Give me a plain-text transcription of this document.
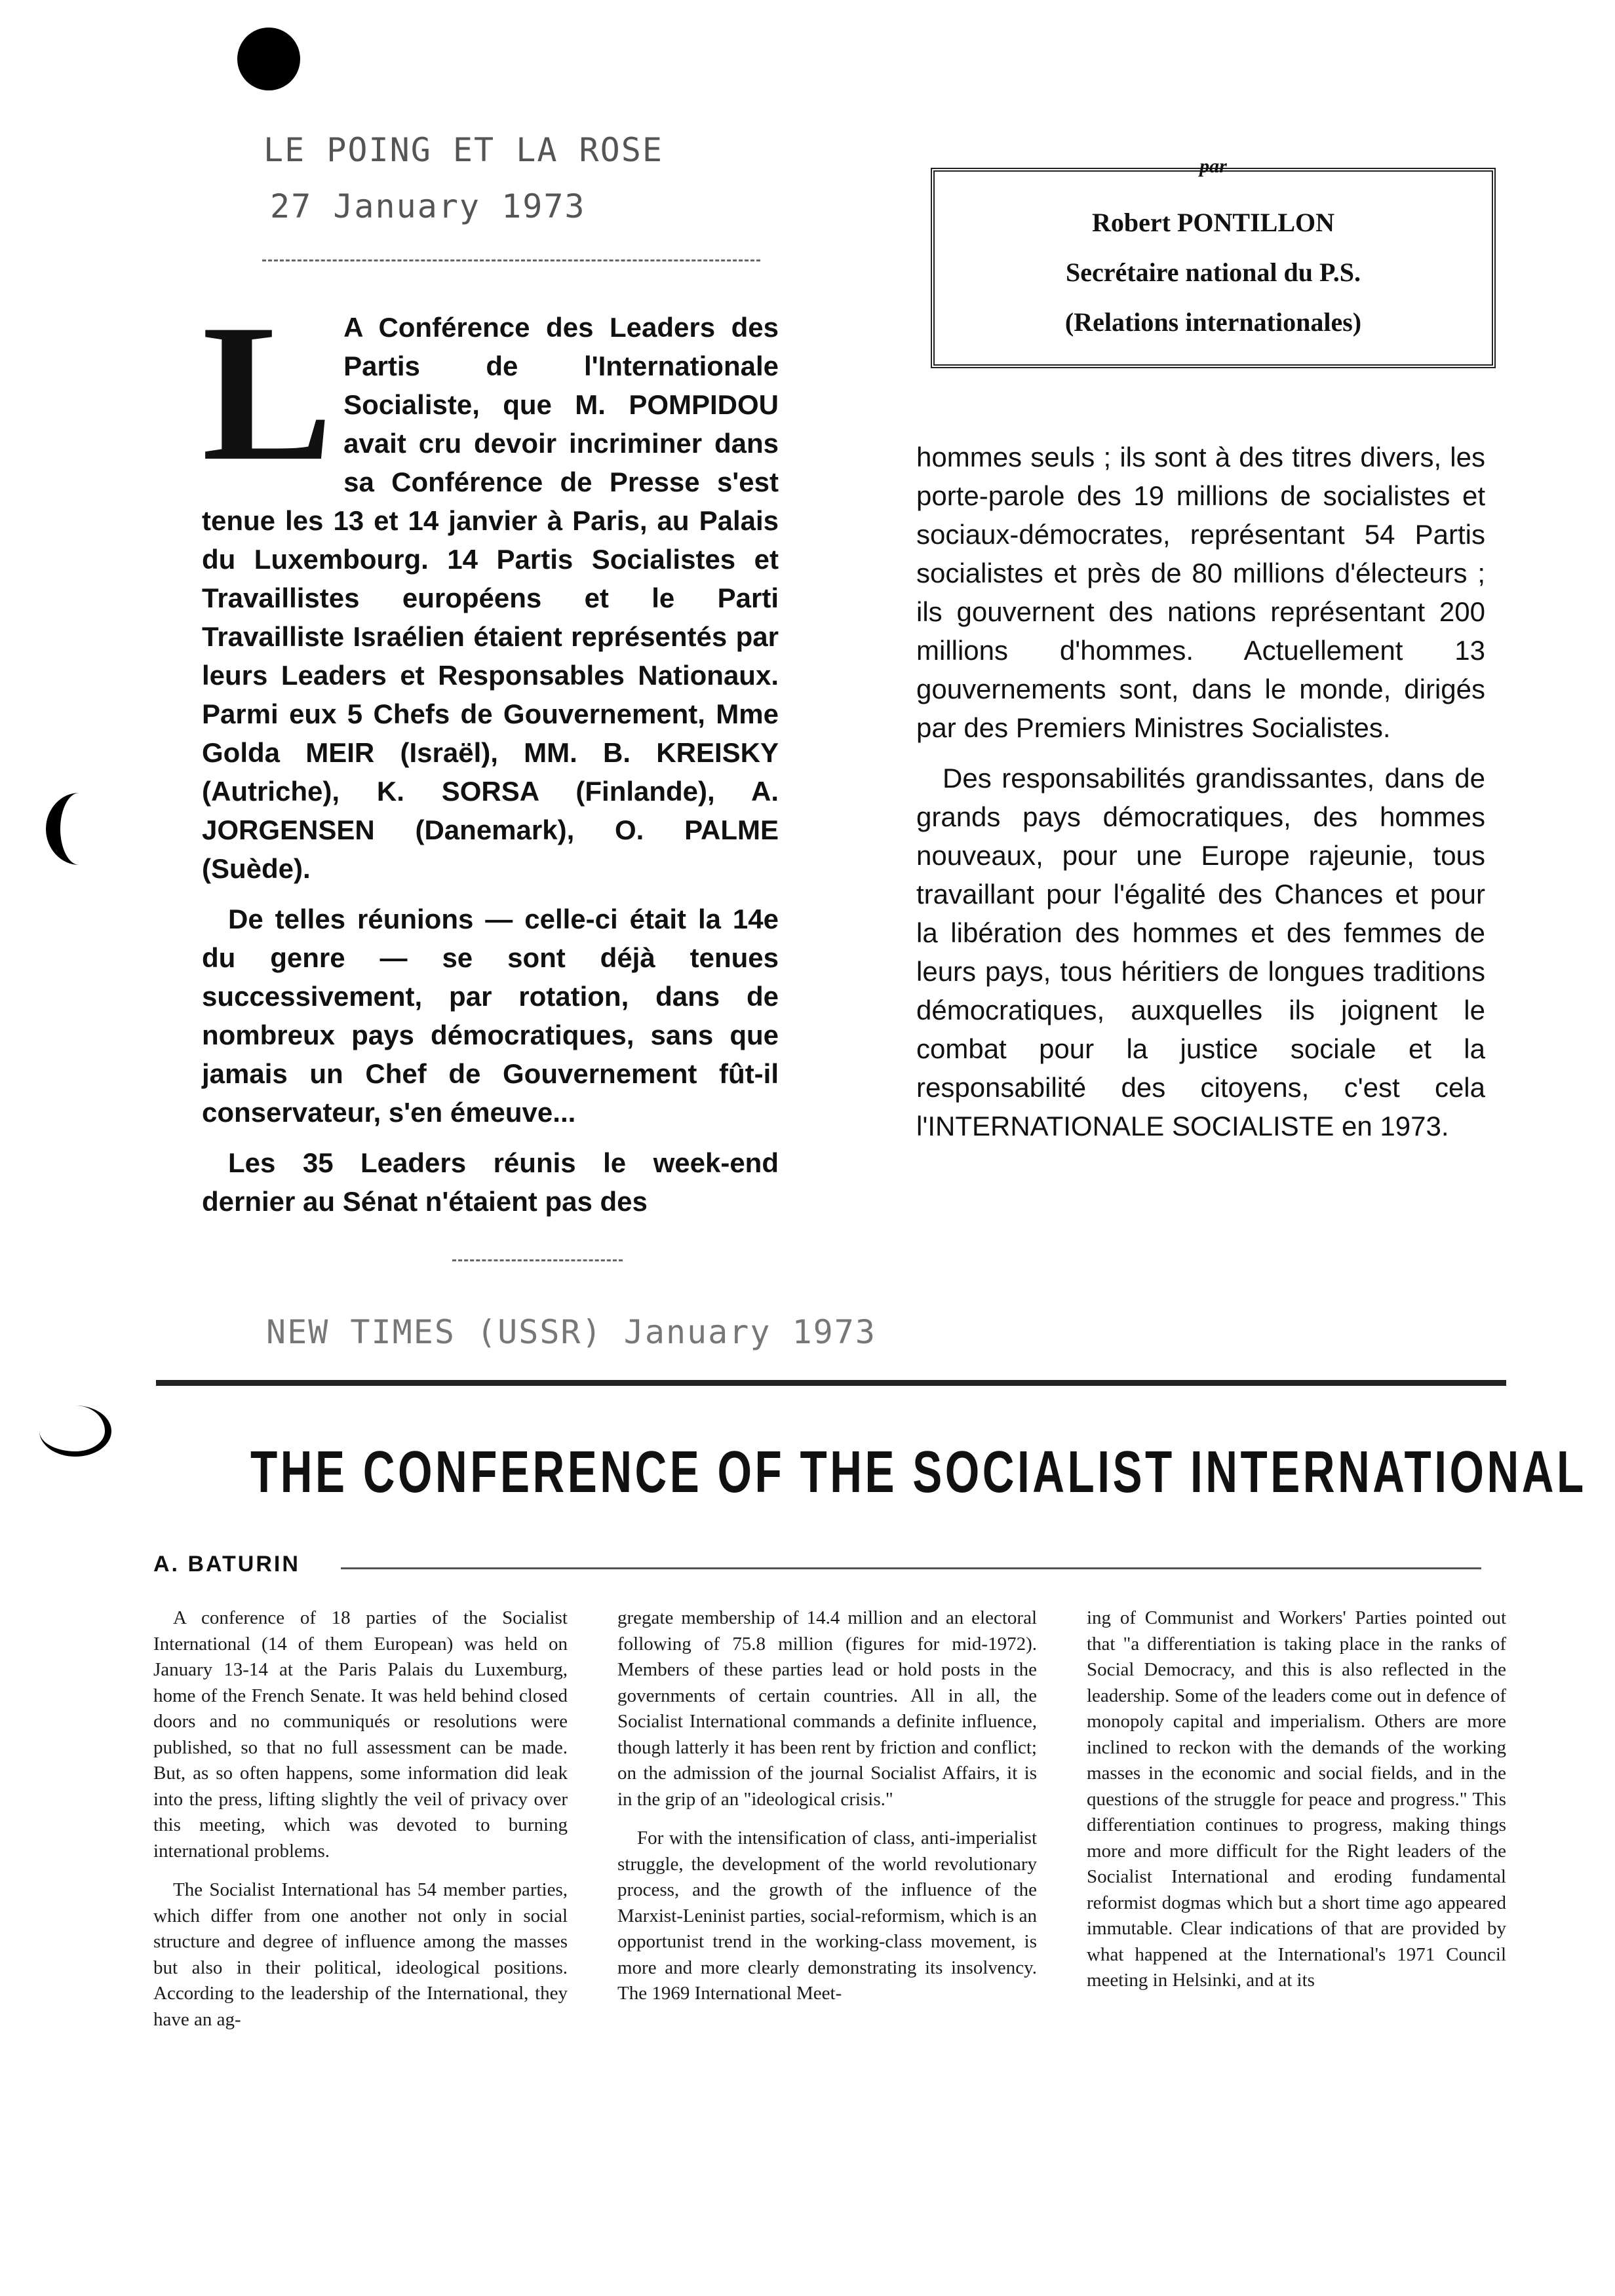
LE POING ET LA ROSE
27 January 1973
par
Robert PONTILLON
Secrétaire national du P.S.
(Relations internationales)

L A Conférence des Leaders des Partis de l'Internationale Socialiste, que M. POMPIDOU avait cru devoir incriminer dans sa Conférence de Presse s'est tenue les 13 et 14 janvier à Paris, au Palais du Luxembourg. 14 Partis Socialistes et Travaillistes européens et le Parti Travailliste Israélien étaient représentés par leurs Leaders et Responsables Nationaux. Parmi eux 5 Chefs de Gouvernement, Mme Golda MEIR (Israël), MM. B. KREISKY (Autriche), K. SORSA (Finlande), A. JORGENSEN (Danemark), O. PALME (Suède).

De telles réunions — celle-ci était la 14e du genre — se sont déjà tenues successivement, par rotation, dans de nombreux pays démocratiques, sans que jamais un Chef de Gouvernement fût-il conservateur, s'en émeuve...

Les 35 Leaders réunis le week-end dernier au Sénat n'étaient pas des

hommes seuls ; ils sont à des titres divers, les porte-parole des 19 millions de socialistes et sociaux-démocrates, représentant 54 Partis socialistes et près de 80 millions d'électeurs ; ils gouvernent des nations représentant 200 millions d'hommes. Actuellement 13 gouvernements sont, dans le monde, dirigés par des Premiers Ministres Socialistes.

Des responsabilités grandissantes, dans de grands pays démocratiques, des hommes nouveaux, pour une Europe rajeunie, tous travaillant pour l'égalité des Chances et pour la libération des hommes et des femmes de leurs pays, tous héritiers de longues traditions démocratiques, auxquelles ils joignent le combat pour la justice sociale et la responsabilité des citoyens, c'est cela l'INTERNATIONALE SOCIALISTE en 1973.

NEW TIMES (USSR) January 1973
THE CONFERENCE OF THE SOCIALIST INTERNATIONAL
A. BATURIN

A conference of 18 parties of the Socialist International (14 of them European) was held on January 13-14 at the Paris Palais du Luxemburg, home of the French Senate. It was held behind closed doors and no communiqués or resolutions were published, so that no full assessment can be made. But, as so often happens, some information did leak into the press, lifting slightly the veil of privacy over this meeting, which was devoted to burning international problems.

The Socialist International has 54 member parties, which differ from one another not only in social structure and degree of influence among the masses but also in their political, ideological positions. According to the leadership of the International, they have an ag-

gregate membership of 14.4 million and an electoral following of 75.8 million (figures for mid-1972). Members of these parties lead or hold posts in the governments of certain countries. All in all, the Socialist International commands a definite influence, though latterly it has been rent by friction and conflict; on the admission of the journal Socialist Affairs, it is in the grip of an "ideological crisis."

For with the intensification of class, anti-imperialist struggle, the development of the world revolutionary process, and the growth of the influence of the Marxist-Leninist parties, social-reformism, which is an opportunist trend in the working-class movement, is more and more clearly demonstrating its insolvency. The 1969 International Meet-

ing of Communist and Workers' Parties pointed out that "a differentiation is taking place in the ranks of Social Democracy, and this is also reflected in the leadership. Some of the leaders come out in defence of monopoly capital and imperialism. Others are more inclined to reckon with the demands of the working masses in the economic and social fields, and in the questions of the struggle for peace and progress." This differentiation continues to progress, making things more and more difficult for the Right leaders of the Socialist International and eroding fundamental reformist dogmas which but a short time ago appeared immutable. Clear indications of that are provided by what happened at the International's 1971 Council meeting in Helsinki, and at its
